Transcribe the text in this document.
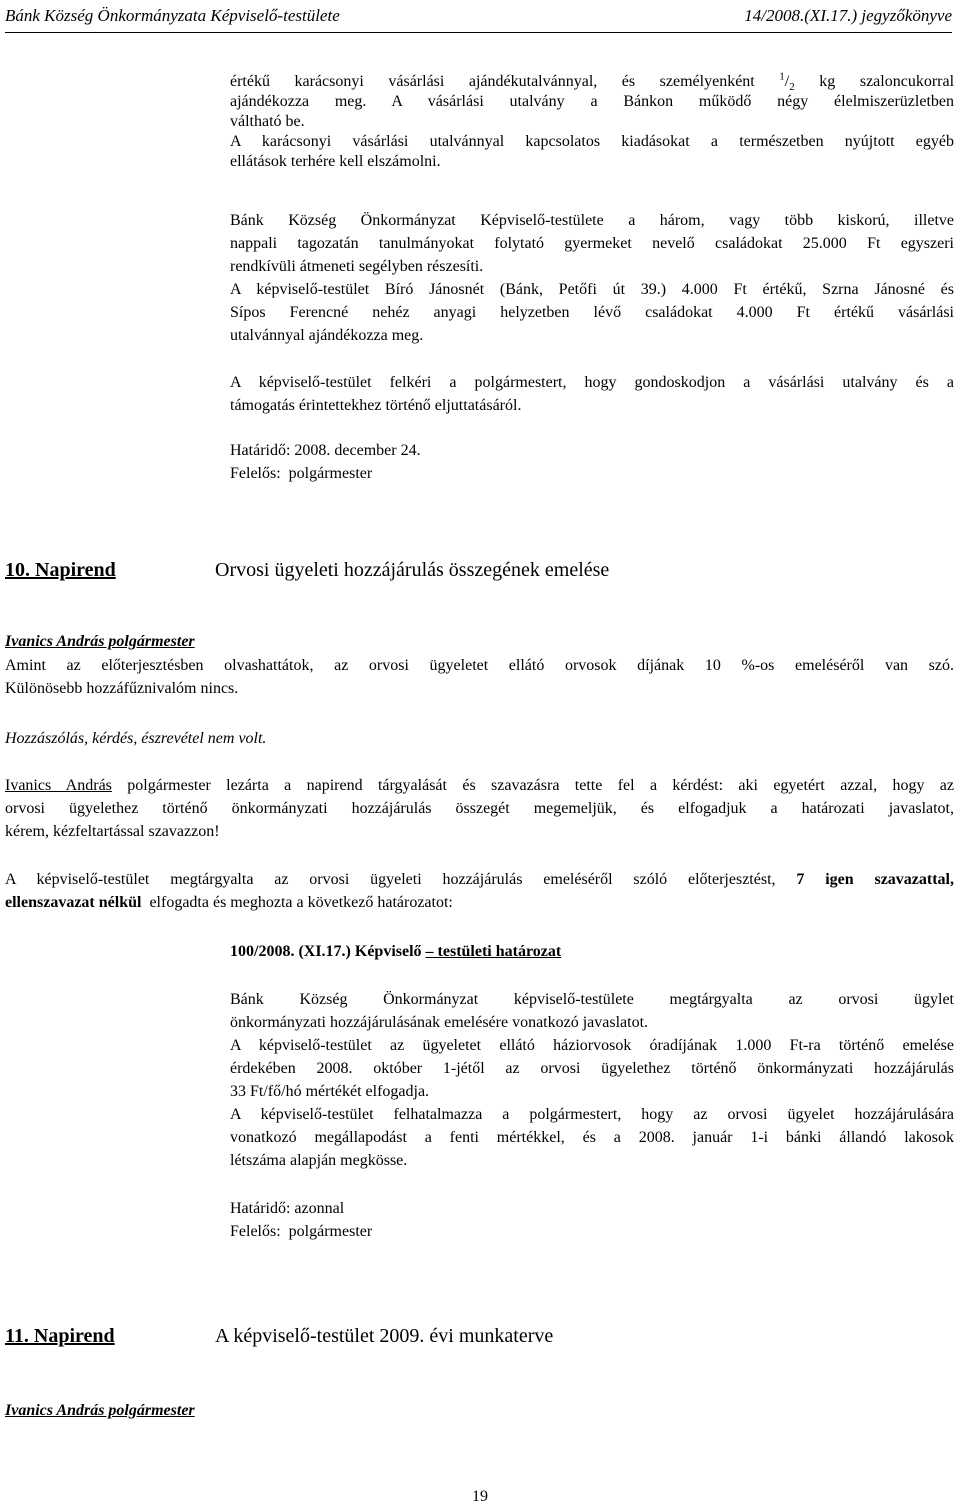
Bánk Község Önkormányzata Képviselő-testülete	14/2008.(XI.17.) jegyzőkönyve
értékű karácsonyi vásárlási ajándékutalvánnyal, és személyenként $^1/_2$ kg szaloncukorral
ajándékozza meg. A vásárlási utalvány a Bánkon működő négy élelmiszerüzletben
váltható be.
A karácsonyi vásárlási utalvánnyal kapcsolatos kiadásokat a természetben nyújtott egyéb
ellátások terhére kell elszámolni.
Bánk Község Önkormányzat Képviselő-testülete a három, vagy több kiskorú, illetve
nappali tagozatán tanulmányokat folytató gyermeket nevelő családokat 25.000 Ft egyszeri
rendkívüli átmeneti segélyben részesíti.
A képviselő-testület Bíró Jánosnét (Bánk, Petőfi út 39.) 4.000 Ft értékű, Szrna Jánosné és
Sípos Ferencné nehéz anyagi helyzetben lévő családokat 4.000 Ft értékű vásárlási
utalvánnyal ajándékozza meg.
A képviselő-testület felkéri a polgármestert, hogy gondoskodjon a vásárlási utalvány és a
támogatás érintettekhez történő eljuttatásáról.
Határidő: 2008. december 24.
Felelős: polgármester
10. Napirend	Orvosi ügyeleti hozzájárulás összegének emelése
Ivanics András polgármester
Amint az előterjesztésben olvashattátok, az orvosi ügyeletet ellátó orvosok díjának 10 %-os emeléséről van szó.
Különösebb hozzáfűznivalóm nincs.
Hozzászólás, kérdés, észrevétel nem volt.
Ivanics András polgármester lezárta a napirend tárgyalását és szavazásra tette fel a kérdést: aki egyetért azzal, hogy az
orvosi ügyelethez történő önkormányzati hozzájárulás összegét megemeljük, és elfogadjuk a határozati javaslatot,
kérem, kézfeltartással szavazzon!
A képviselő-testület megtárgyalta az orvosi ügyeleti hozzájárulás emeléséről szóló előterjesztést, 7 igen szavazattal,
ellenszavazat nélkül elfogadta és meghozta a következő határozatot:
100/2008. (XI.17.) Képviselő – testületi határozat
Bánk Község Önkormányzat képviselő-testülete megtárgyalta az orvosi ügylet
önkormányzati hozzájárulásának emelésére vonatkozó javaslatot.
A képviselő-testület az ügyeletet ellátó háziorvosok óradíjának 1.000 Ft-ra történő emelése
érdekében 2008. október 1-jétől az orvosi ügyelethez történő önkormányzati hozzájárulás
33 Ft/fő/hó mértékét elfogadja.
A képviselő-testület felhatalmazza a polgármestert, hogy az orvosi ügyelet hozzájárulására
vonatkozó megállapodást a fenti mértékkel, és a 2008. január 1-i bánki állandó lakosok
létszáma alapján megkösse.
Határidő: azonnal
Felelős: polgármester
11. Napirend	A képviselő-testület 2009. évi munkaterve
Ivanics András polgármester
19
